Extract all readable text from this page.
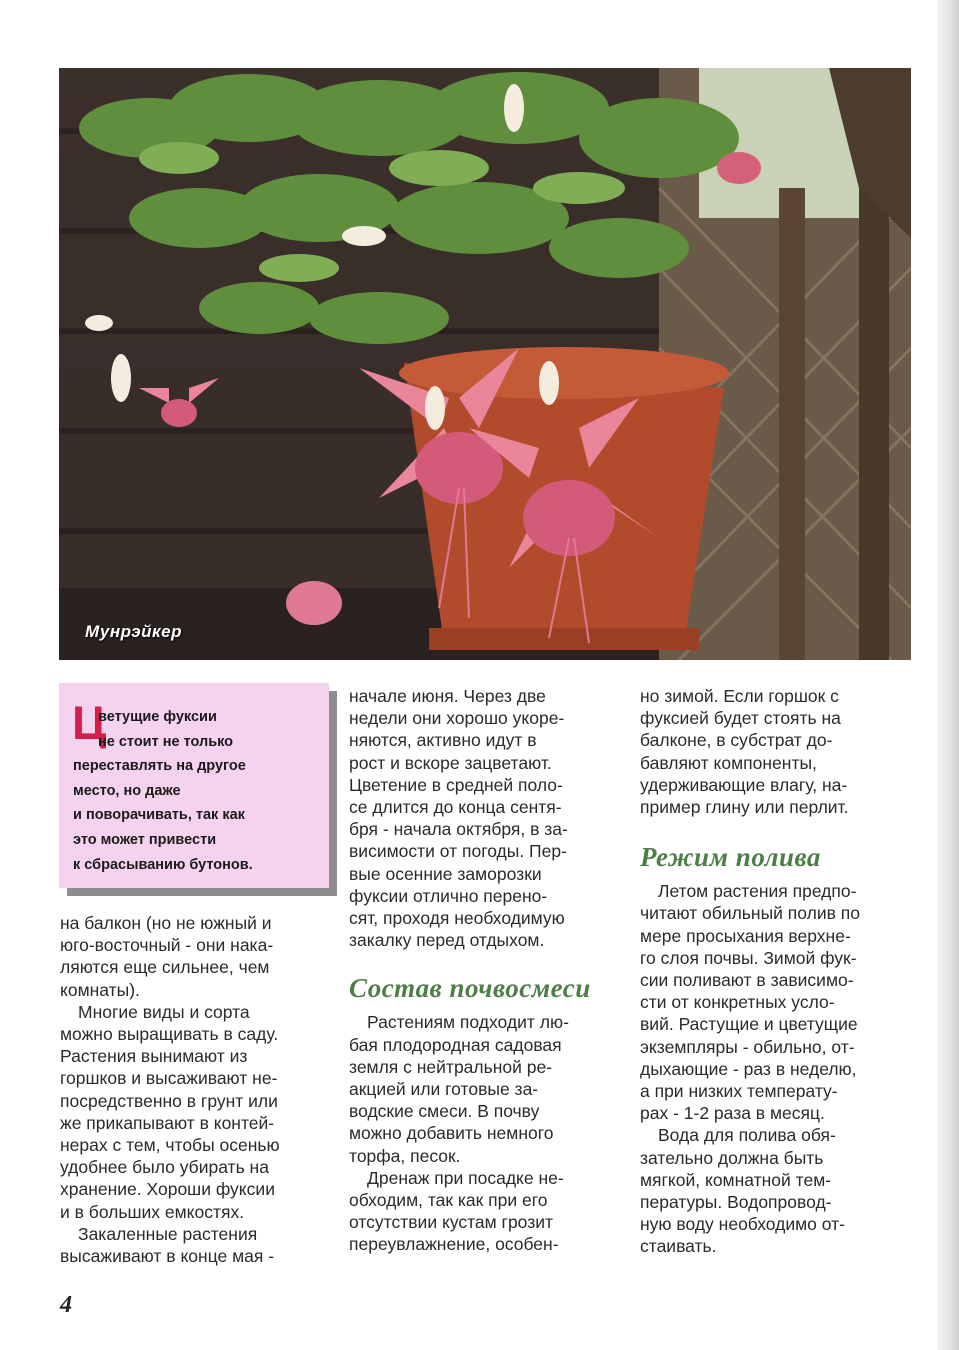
Мунрэйкер
Ц
ветущие фуксии
не стоит не только
переставлять на другое
место, но даже
и поворачивать, так как
это может привести
к сбрасыванию бутонов.
на балкон (но не южный и
юго-восточный - они нака-
ляются еще сильнее, чем
комнаты).
Многие виды и сорта
можно выращивать в саду.
Растения вынимают из
горшков и высаживают не-
посредственно в грунт или
же прикапывают в контей-
нерах с тем, чтобы осенью
удобнее было убирать на
хранение. Хороши фуксии
и в больших емкостях.
Закаленные растения
высаживают в конце мая -
начале июня. Через две
недели они хорошо укоре-
няются, активно идут в
рост и вскоре зацветают.
Цветение в средней поло-
се длится до конца сентя-
бря - начала октября, в за-
висимости от погоды. Пер-
вые осенние заморозки
фуксии отлично перено-
сят, проходя необходимую
закалку перед отдыхом.
Состав почвосмеси
Растениям подходит лю-
бая плодородная садовая
земля с нейтральной ре-
акцией или готовые за-
водские смеси. В почву
можно добавить немного
торфа, песок.
Дренаж при посадке не-
обходим, так как при его
отсутствии кустам грозит
переувлажнение, особен-
но зимой. Если горшок с
фуксией будет стоять на
балконе, в субстрат до-
бавляют компоненты,
удерживающие влагу, на-
пример глину или перлит.
Режим полива
Летом растения предпо-
читают обильный полив по
мере просыхания верхне-
го слоя почвы. Зимой фук-
сии поливают в зависимо-
сти от конкретных усло-
вий. Растущие и цветущие
экземпляры - обильно, от-
дыхающие - раз в неделю,
а при низких температу-
рах - 1-2 раза в месяц.
Вода для полива обя-
зательно должна быть
мягкой, комнатной тем-
пературы. Водопровод-
ную воду необходимо от-
стаивать.
4
